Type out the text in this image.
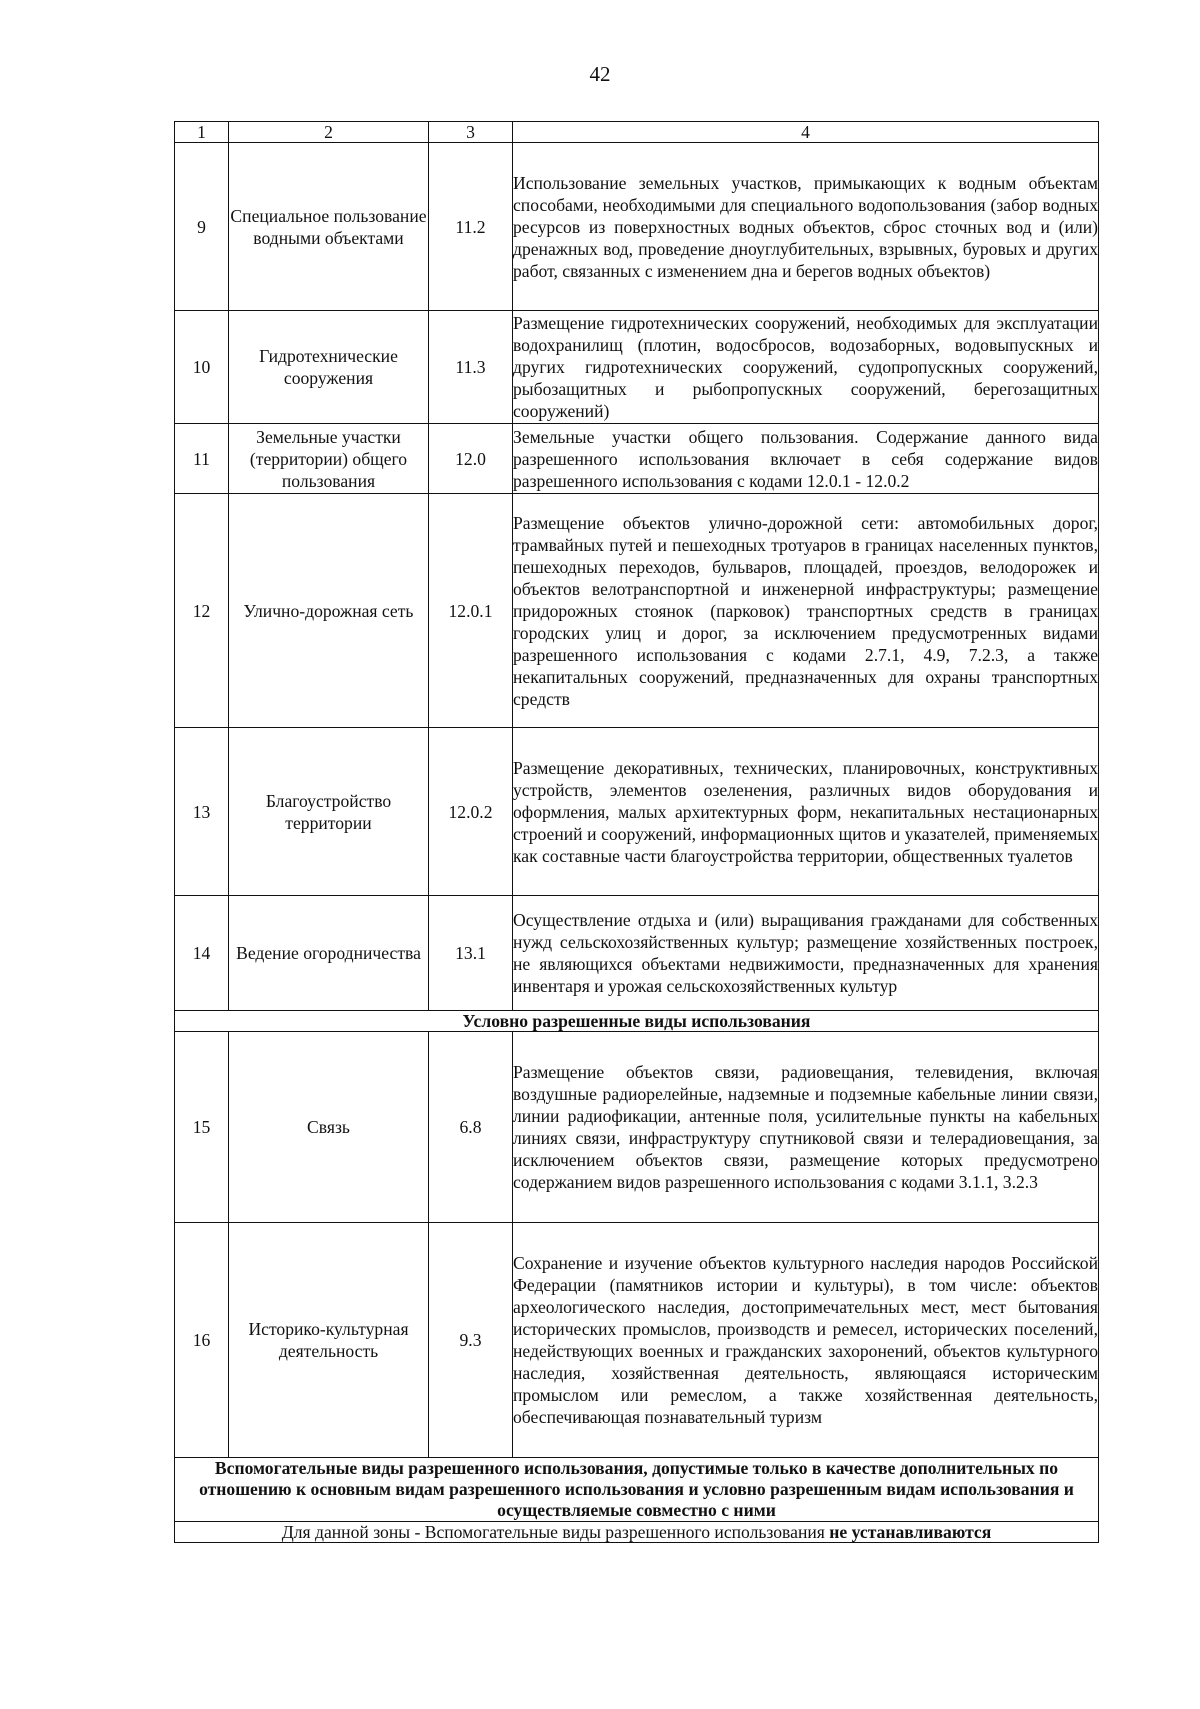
42
1	2	3	4
9	Специальное пользование водными объектами	11.2	Использование земельных участков, примыкающих к водным объектам способами, необходимыми для специального водопользования (забор водных ресурсов из поверхностных водных объектов, сброс сточных вод и (или) дренажных вод, проведение дноуглубительных, взрывных, буровых и других работ, связанных с изменением дна и берегов водных объектов)

10	Гидротехнические сооружения	11.3	Размещение гидротехнических сооружений, необходимых для эксплуатации водохранилищ (плотин, водосбросов, водозаборных, водовыпускных и других гидротехнических сооружений, судопропускных сооружений, рыбозащитных и рыбопропускных сооружений, берегозащитных сооружений)

11	Земельные участки (территории) общего пользования	12.0	Земельные участки общего пользования. Содержание данного вида разрешенного использования включает в себя содержание видов разрешенного использования с кодами 12.0.1 - 12.0.2

12	Улично-дорожная сеть	12.0.1	Размещение объектов улично-дорожной сети: автомобильных дорог, трамвайных путей и пешеходных тротуаров в границах населенных пунктов, пешеходных переходов, бульваров, площадей, проездов, велодорожек и объектов велотранспортной и инженерной инфраструктуры; размещение придорожных стоянок (парковок) транспортных средств в границах городских улиц и дорог, за исключением предусмотренных видами разрешенного использования с кодами 2.7.1, 4.9, 7.2.3, а также некапитальных сооружений, предназначенных для охраны транспортных средств

13	Благоустройство территории	12.0.2	Размещение декоративных, технических, планировочных, конструктивных устройств, элементов озеленения, различных видов оборудования и оформления, малых архитектурных форм, некапитальных нестационарных строений и сооружений, информационных щитов и указателей, применяемых как составные части благоустройства территории, общественных туалетов

14	Ведение огородничества	13.1	Осуществление отдыха и (или) выращивания гражданами для собственных нужд сельскохозяйственных культур; размещение хозяйственных построек, не являющихся объектами недвижимости, предназначенных для хранения инвентаря и урожая сельскохозяйственных культур

Условно разрешенные виды использования			
15	Связь	6.8	Размещение объектов связи, радиовещания, телевидения, включая воздушные радиорелейные, надземные и подземные кабельные линии связи, линии радиофикации, антенные поля, усилительные пункты на кабельных линиях связи, инфраструктуру спутниковой связи и телерадиовещания, за исключением объектов связи, размещение которых предусмотрено содержанием видов разрешенного использования с кодами 3.1.1, 3.2.3

16	Историко-культурная деятельность	9.3	Сохранение и изучение объектов культурного наследия народов Российской Федерации (памятников истории и культуры), в том числе: объектов археологического наследия, достопримечательных мест, мест бытования исторических промыслов, производств и ремесел, исторических поселений, недействующих военных и гражданских захоронений, объектов культурного наследия, хозяйственная деятельность, являющаяся историческим промыслом или ремеслом, а также хозяйственная деятельность, обеспечивающая познавательный туризм

Вспомогательные виды разрешенного использования, допустимые только в качестве дополнительных по отношению к основным видам разрешенного использования и условно разрешенным видам использования и осуществляемые совместно с ними			
Для данной зоны - Вспомогательные виды разрешенного использования не устанавливаются			
